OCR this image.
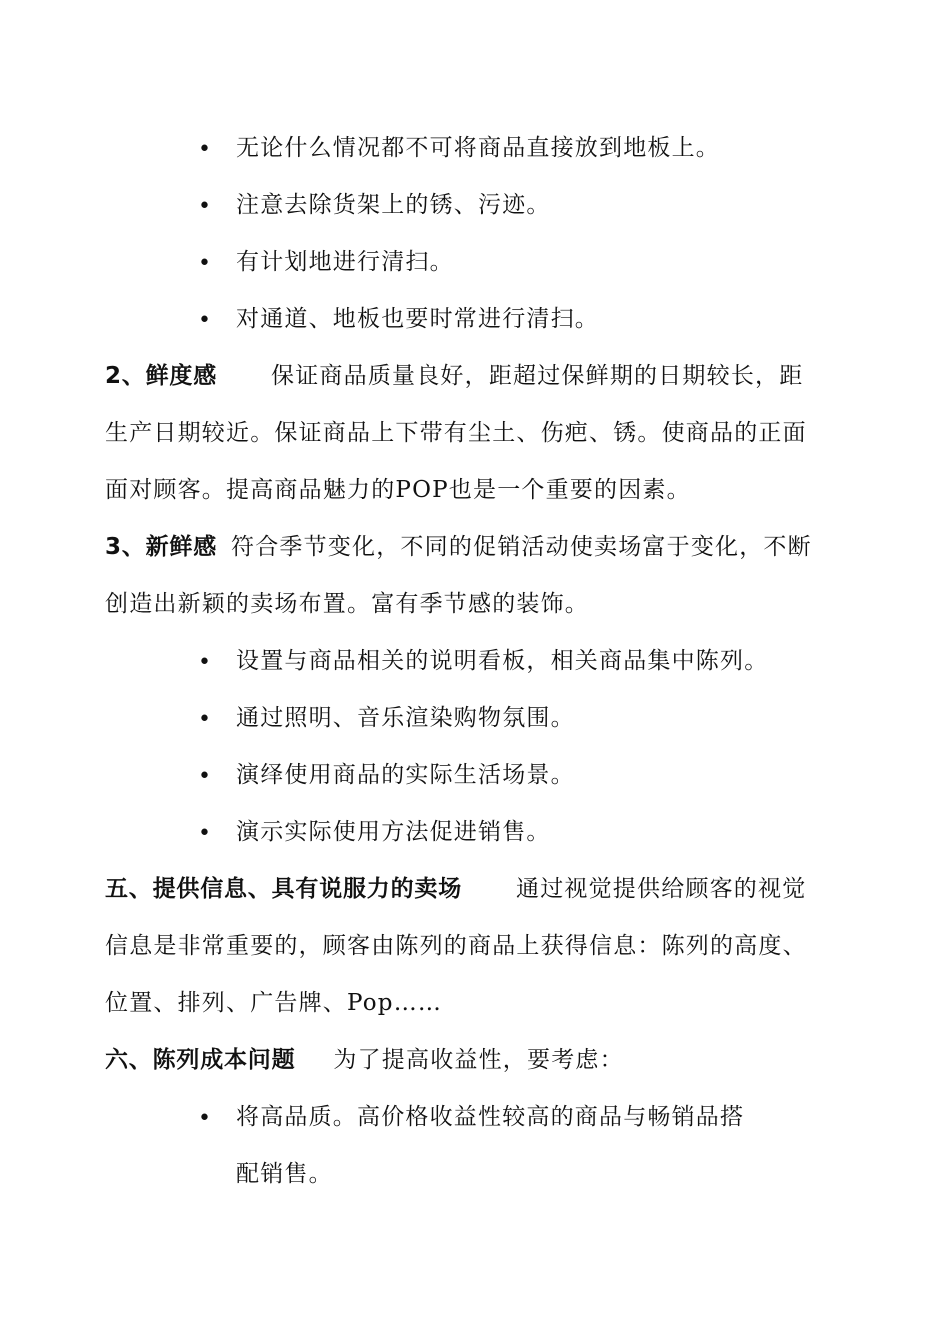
• 无论什么情况都不可将商品直接放到地板上。
• 注意去除货架上的锈、污迹。
• 有计划地进行清扫。
• 对通道、地板也要时常进行清扫。
2、鲜度感 保证商品质量良好，距超过保鲜期的日期较长，距
生产日期较近。保证商品上下带有尘土、伤疤、锈。使商品的正面
面对顾客。提高商品魅力的POP也是一个重要的因素。
3、新鲜感 符合季节变化，不同的促销活动使卖场富于变化，不断
创造出新颖的卖场布置。富有季节感的装饰。
• 设置与商品相关的说明看板，相关商品集中陈列。
• 通过照明、音乐渲染购物氛围。
• 演绎使用商品的实际生活场景。
• 演示实际使用方法促进销售。
五、提供信息、具有说服力的卖场 通过视觉提供给顾客的视觉
信息是非常重要的，顾客由陈列的商品上获得信息：陈列的高度、
位置、排列、广告牌、Pop……
六、陈列成本问题 为了提高收益性，要考虑：
• 将高品质。高价格收益性较高的商品与畅销品搭
配销售。
